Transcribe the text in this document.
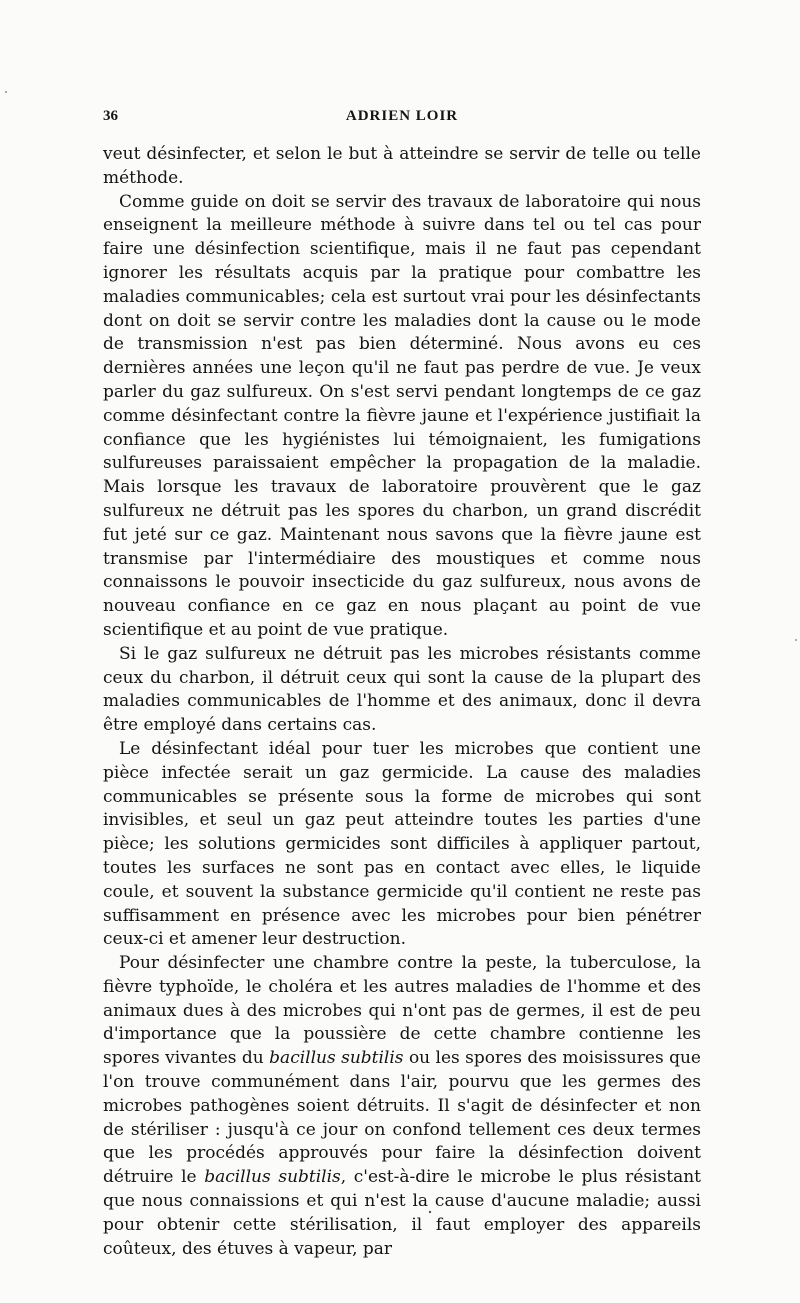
36	ADRIEN LOIR

veut désinfecter, et selon le but à atteindre se servir de telle ou telle méthode.

Comme guide on doit se servir des travaux de laboratoire qui nous enseignent la meilleure méthode à suivre dans tel ou tel cas pour faire une désinfection scientifique, mais il ne faut pas cependant ignorer les résultats acquis par la pratique pour combattre les maladies communicables; cela est surtout vrai pour les désinfectants dont on doit se servir contre les maladies dont la cause ou le mode de transmission n'est pas bien déterminé. Nous avons eu ces dernières années une leçon qu'il ne faut pas perdre de vue. Je veux parler du gaz sulfureux. On s'est servi pendant longtemps de ce gaz comme désinfectant contre la fièvre jaune et l'expérience justifiait la confiance que les hygiénistes lui témoignaient, les fumigations sulfureuses paraissaient empêcher la propagation de la maladie. Mais lorsque les travaux de laboratoire prouvèrent que le gaz sulfureux ne détruit pas les spores du charbon, un grand discrédit fut jeté sur ce gaz. Maintenant nous savons que la fièvre jaune est transmise par l'intermédiaire des moustiques et comme nous connaissons le pouvoir insecticide du gaz sulfureux, nous avons de nouveau confiance en ce gaz en nous plaçant au point de vue scientifique et au point de vue pratique.

Si le gaz sulfureux ne détruit pas les microbes résistants comme ceux du charbon, il détruit ceux qui sont la cause de la plupart des maladies communicables de l'homme et des animaux, donc il devra être employé dans certains cas.

Le désinfectant idéal pour tuer les microbes que contient une pièce infectée serait un gaz germicide. La cause des maladies communicables se présente sous la forme de microbes qui sont invisibles, et seul un gaz peut atteindre toutes les parties d'une pièce; les solutions germicides sont difficiles à appliquer partout, toutes les surfaces ne sont pas en contact avec elles, le liquide coule, et souvent la substance germicide qu'il contient ne reste pas suffisamment en présence avec les microbes pour bien pénétrer ceux-ci et amener leur destruction.

Pour désinfecter une chambre contre la peste, la tuberculose, la fièvre typhoïde, le choléra et les autres maladies de l'homme et des animaux dues à des microbes qui n'ont pas de germes, il est de peu d'importance que la poussière de cette chambre contienne les spores vivantes du bacillus subtilis ou les spores des moisissures que l'on trouve communément dans l'air, pourvu que les germes des microbes pathogènes soient détruits. Il s'agit de désinfecter et non de stériliser : jusqu'à ce jour on confond tellement ces deux termes que les procédés approuvés pour faire la désinfection doivent détruire le bacillus subtilis, c'est-à-dire le microbe le plus résistant que nous connaissions et qui n'est la cause d'aucune maladie; aussi pour obtenir cette stérilisation, il faut employer des appareils coûteux, des étuves à vapeur, par
